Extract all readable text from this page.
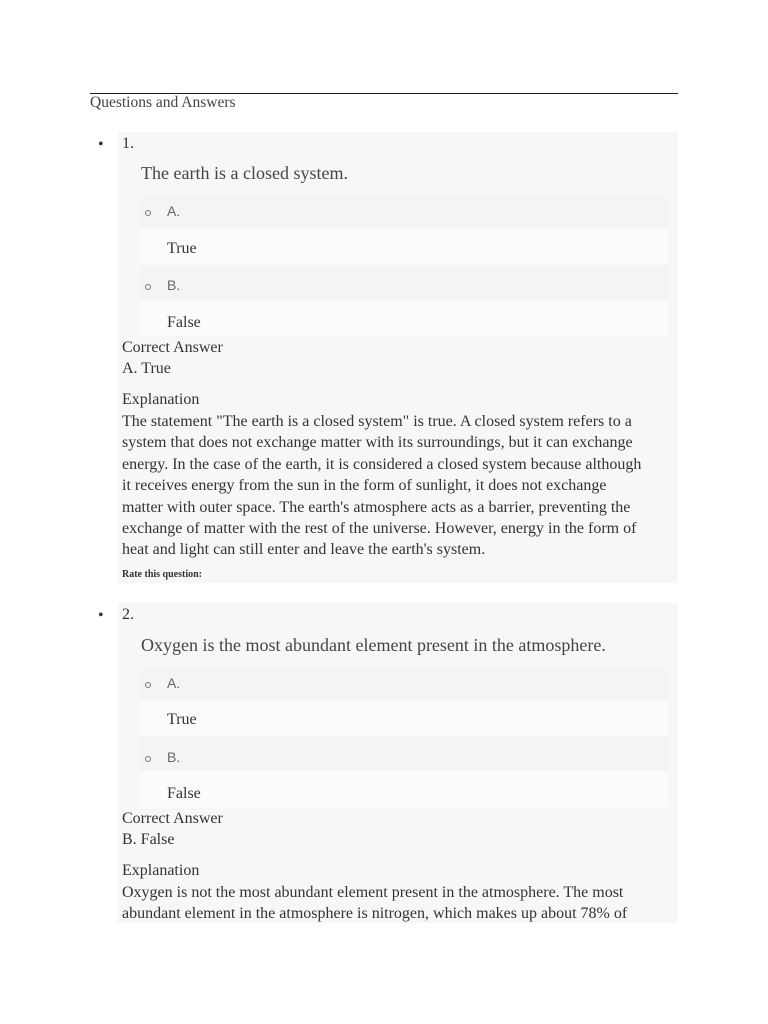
Questions and Answers
• 1.
The earth is a closed system.
A.
True
B.
False
Correct Answer
A. True
Explanation
The statement "The earth is a closed system" is true. A closed system refers to a
system that does not exchange matter with its surroundings, but it can exchange
energy. In the case of the earth, it is considered a closed system because although
it receives energy from the sun in the form of sunlight, it does not exchange
matter with outer space. The earth's atmosphere acts as a barrier, preventing the
exchange of matter with the rest of the universe. However, energy in the form of
heat and light can still enter and leave the earth's system.
Rate this question:
• 2.
Oxygen is the most abundant element present in the atmosphere.
A.
True
B.
False
Correct Answer
B. False
Explanation
Oxygen is not the most abundant element present in the atmosphere. The most
abundant element in the atmosphere is nitrogen, which makes up about 78% of
